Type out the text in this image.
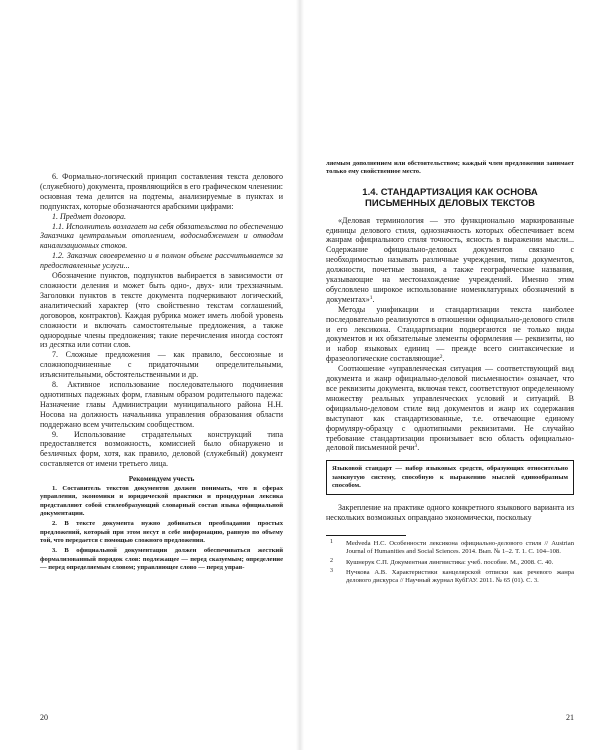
6. Формально-логический принцип составления текста делового (служебного) документа, проявляющийся в его графическом членении: основная тема делится на подтемы, анализируемые в пунктах и подпунктах, которые обозначаются арабскими цифрами:

1. Предмет договора.

1.1. Исполнитель возлагает на себя обязательства по обеспечению Заказчика центральным отоплением, водоснабжением и отводом канализационных стоков.

1.2. Заказчик своевременно и в полном объеме рассчитывается за предоставленные услуги...

Обозначение пунктов, подпунктов выбирается в зависимости от сложности деления и может быть одно-, двух- или трехзначным. Заголовки пунктов в тексте документа подчеркивают логический, аналитический характер (что свойственно текстам соглашений, договоров, контрактов). Каждая рубрика может иметь любой уровень сложности и включать самостоятельные предложения, а также однородные члены предложения; такие перечисления иногда состоят из десятка или сотни слов.

7. Сложные предложения — как правило, бессоюзные и сложноподчиненные с придаточными определительными, изъяснительными, обстоятельственными и др.

8. Активное использование последовательного подчинения однотипных падежных форм, главным образом родительного падежа: Назначение главы Администрации муниципального района Н.Н. Носова на должность начальника управления образования области поддержано всем учительским сообществом.

9. Использование страдательных конструкций типа предоставляется возможность, комиссией было обнаружено и безличных форм, хотя, как правило, деловой (служебный) документ составляется от имени третьего лица.

Рекомендуем учесть

1. Составитель текстов документов должен понимать, что в сферах управления, экономики и юридической практики и процедурная лексика представляют собой стилеобразующий словарный состав языка официальной документации.

2. В тексте документа нужно добиваться преобладания простых предложений, который при этом несут в себе информацию, равную по объему той, что передается с помощью сложного предложения.

3. В официальной документации должен обеспечиваться жесткий формализованный порядок слов: подлежащее — перед сказуемым; определение — перед определяемым словом; управляющее слово — перед управ-

20

ляемым дополнением или обстоятельством; каждый член предложения занимает только ему свойственное место.

1.4. СТАНДАРТИЗАЦИЯ КАК ОСНОВА ПИСЬМЕННЫХ ДЕЛОВЫХ ТЕКСТОВ

«Деловая терминология — это функционально маркированные единицы делового стиля, однозначность которых обеспечивает всем жанрам официального стиля точность, ясность в выражении мысли... Содержание официально-деловых документов связано с необходимостью называть различные учреждения, типы документов, должности, почетные звания, а также географические названия, указывающие на местонахождение учреждений. Именно этим обусловлено широкое использование номенклатурных обозначений в документах»$^1$.

Методы унификации и стандартизации текста наиболее последовательно реализуются в отношении официально-делового стиля и его лексикона. Стандартизации подвергаются не только виды документов и их обязательные элементы оформления — реквизиты, но и набор языковых единиц — прежде всего синтаксические и фразеологические составляющие$^2$.

Соотношение «управленческая ситуация — соответствующий вид документа и жанр официально-деловой письменности» означает, что все реквизиты документа, включая текст, соответствуют определенному множеству реальных управленческих условий и ситуаций. В официально-деловом стиле вид документов и жанр их содержания выступают как стандартизованные, т.е. отвечающие единому формуляру-образцу с однотипными реквизитами. Не случайно требование стандартизации пронизывает всю область официально-деловой письменной речи$^3$.

Языковой стандарт — набор языковых средств, образующих относительно замкнутую систему, способную к выражению мыслей единообразным способом.

Закрепление на практике одного конкретного языкового варианта из нескольких возможных оправдано экономически, поскольку

1 Medvedа Н.С. Особенности лексикона официально-делового стиля // Austrian Journal of Humanities and Social Sciences. 2014. Вып. № 1–2. Т. 1. С. 104–108.

2 Кушнерук С.П. Документная лингвистика: учеб. пособие. М., 2008. С. 40.

3 Нучкова А.В. Характеристики канцелярской отписки как речевого жанра делового дискурса // Научный журнал КубГАУ. 2011. № 65 (01). С. 3.

21
